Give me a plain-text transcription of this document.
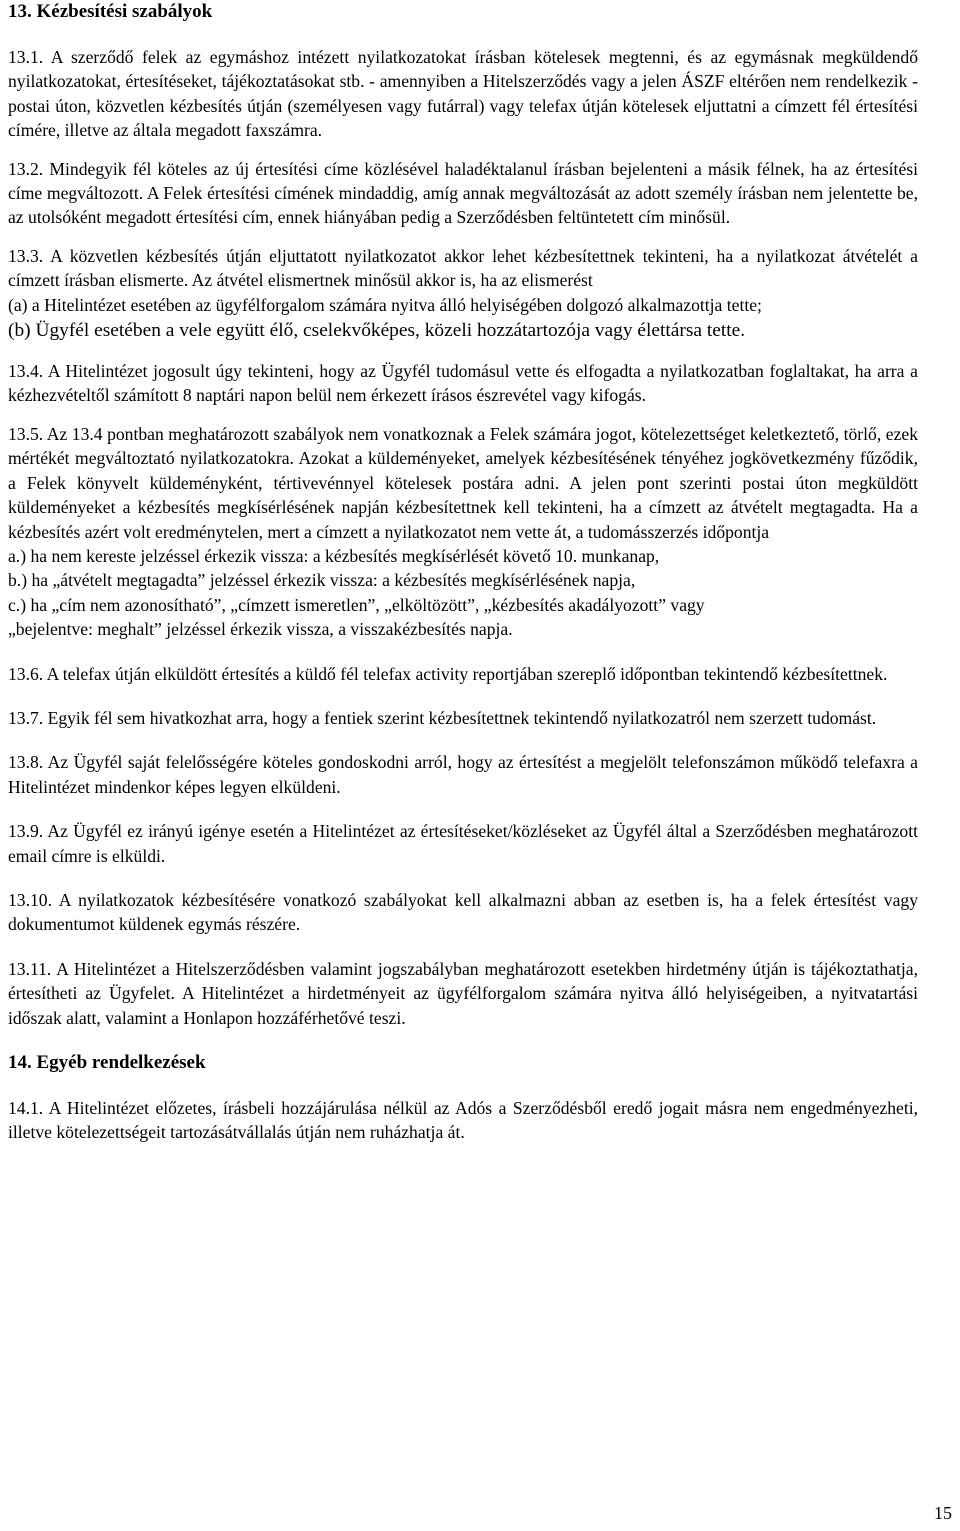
13. Kézbesítési szabályok

13.1. A szerződő felek az egymáshoz intézett nyilatkozatokat írásban kötelesek megtenni, és az egymásnak megküldendő nyilatkozatokat, értesítéseket, tájékoztatásokat stb. - amennyiben a Hitelszerződés vagy a jelen ÁSZF eltérően nem rendelkezik - postai úton, közvetlen kézbesítés útján (személyesen vagy futárral) vagy telefax útján kötelesek eljuttatni a címzett fél értesítési címére, illetve az általa megadott faxszámra.

13.2. Mindegyik fél köteles az új értesítési címe közlésével haladéktalanul írásban bejelenteni a másik félnek, ha az értesítési címe megváltozott. A Felek értesítési címének mindaddig, amíg annak megváltozását az adott személy írásban nem jelentette be, az utolsóként megadott értesítési cím, ennek hiányában pedig a Szerződésben feltüntetett cím minősül.

13.3. A közvetlen kézbesítés útján eljuttatott nyilatkozatot akkor lehet kézbesítettnek tekinteni, ha a nyilatkozat átvételét a címzett írásban elismerte. Az átvétel elismertnek minősül akkor is, ha az elismerést

(a) a Hitelintézet esetében az ügyfélforgalom számára nyitva álló helyiségében dolgozó alkalmazottja tette;

(b) Ügyfél esetében a vele együtt élő, cselekvőképes, közeli hozzátartozója vagy élettársa tette.

13.4. A Hitelintézet jogosult úgy tekinteni, hogy az Ügyfél tudomásul vette és elfogadta a nyilatkozatban foglaltakat, ha arra a kézhezvételtől számított 8 naptári napon belül nem érkezett írásos észrevétel vagy kifogás.

13.5. Az 13.4 pontban meghatározott szabályok nem vonatkoznak a Felek számára jogot, kötelezettséget keletkeztető, törlő, ezek mértékét megváltoztató nyilatkozatokra. Azokat a küldeményeket, amelyek kézbesítésének tényéhez jogkövetkezmény fűződik, a Felek könyvelt küldeményként, tértivevénnyel kötelesek postára adni. A jelen pont szerinti postai úton megküldött küldeményeket a kézbesítés megkísérlésének napján kézbesítettnek kell tekinteni, ha a címzett az átvételt megtagadta. Ha a kézbesítés azért volt eredménytelen, mert a címzett a nyilatkozatot nem vette át, a tudomásszerzés időpontja

a.) ha nem kereste jelzéssel érkezik vissza: a kézbesítés megkísérlését követő 10. munkanap,

b.) ha „átvételt megtagadta” jelzéssel érkezik vissza: a kézbesítés megkísérlésének napja,

c.) ha „cím nem azonosítható”, „címzett ismeretlen”, „elköltözött”, „kézbesítés akadályozott” vagy

„bejelentve: meghalt” jelzéssel érkezik vissza, a visszakézbesítés napja.

13.6. A telefax útján elküldött értesítés a küldő fél telefax activity reportjában szereplő időpontban tekintendő kézbesítettnek.

13.7. Egyik fél sem hivatkozhat arra, hogy a fentiek szerint kézbesítettnek tekintendő nyilatkozatról nem szerzett tudomást.

13.8. Az Ügyfél saját felelősségére köteles gondoskodni arról, hogy az értesítést a megjelölt telefonszámon működő telefaxra a Hitelintézet mindenkor képes legyen elküldeni.

13.9. Az Ügyfél ez irányú igénye esetén a Hitelintézet az értesítéseket/közléseket az Ügyfél által a Szerződésben meghatározott email címre is elküldi.

13.10. A nyilatkozatok kézbesítésére vonatkozó szabályokat kell alkalmazni abban az esetben is, ha a felek értesítést vagy dokumentumot küldenek egymás részére.

13.11. A Hitelintézet a Hitelszerződésben valamint jogszabályban meghatározott esetekben hirdetmény útján is tájékoztathatja, értesítheti az Ügyfelet. A Hitelintézet a hirdetményeit az ügyfélforgalom számára nyitva álló helyiségeiben, a nyitvatartási időszak alatt, valamint a Honlapon hozzáférhetővé teszi.

14. Egyéb rendelkezések

14.1. A Hitelintézet előzetes, írásbeli hozzájárulása nélkül az Adós a Szerződésből eredő jogait másra nem engedményezheti, illetve kötelezettségeit tartozásátvállalás útján nem ruházhatja át.

15
